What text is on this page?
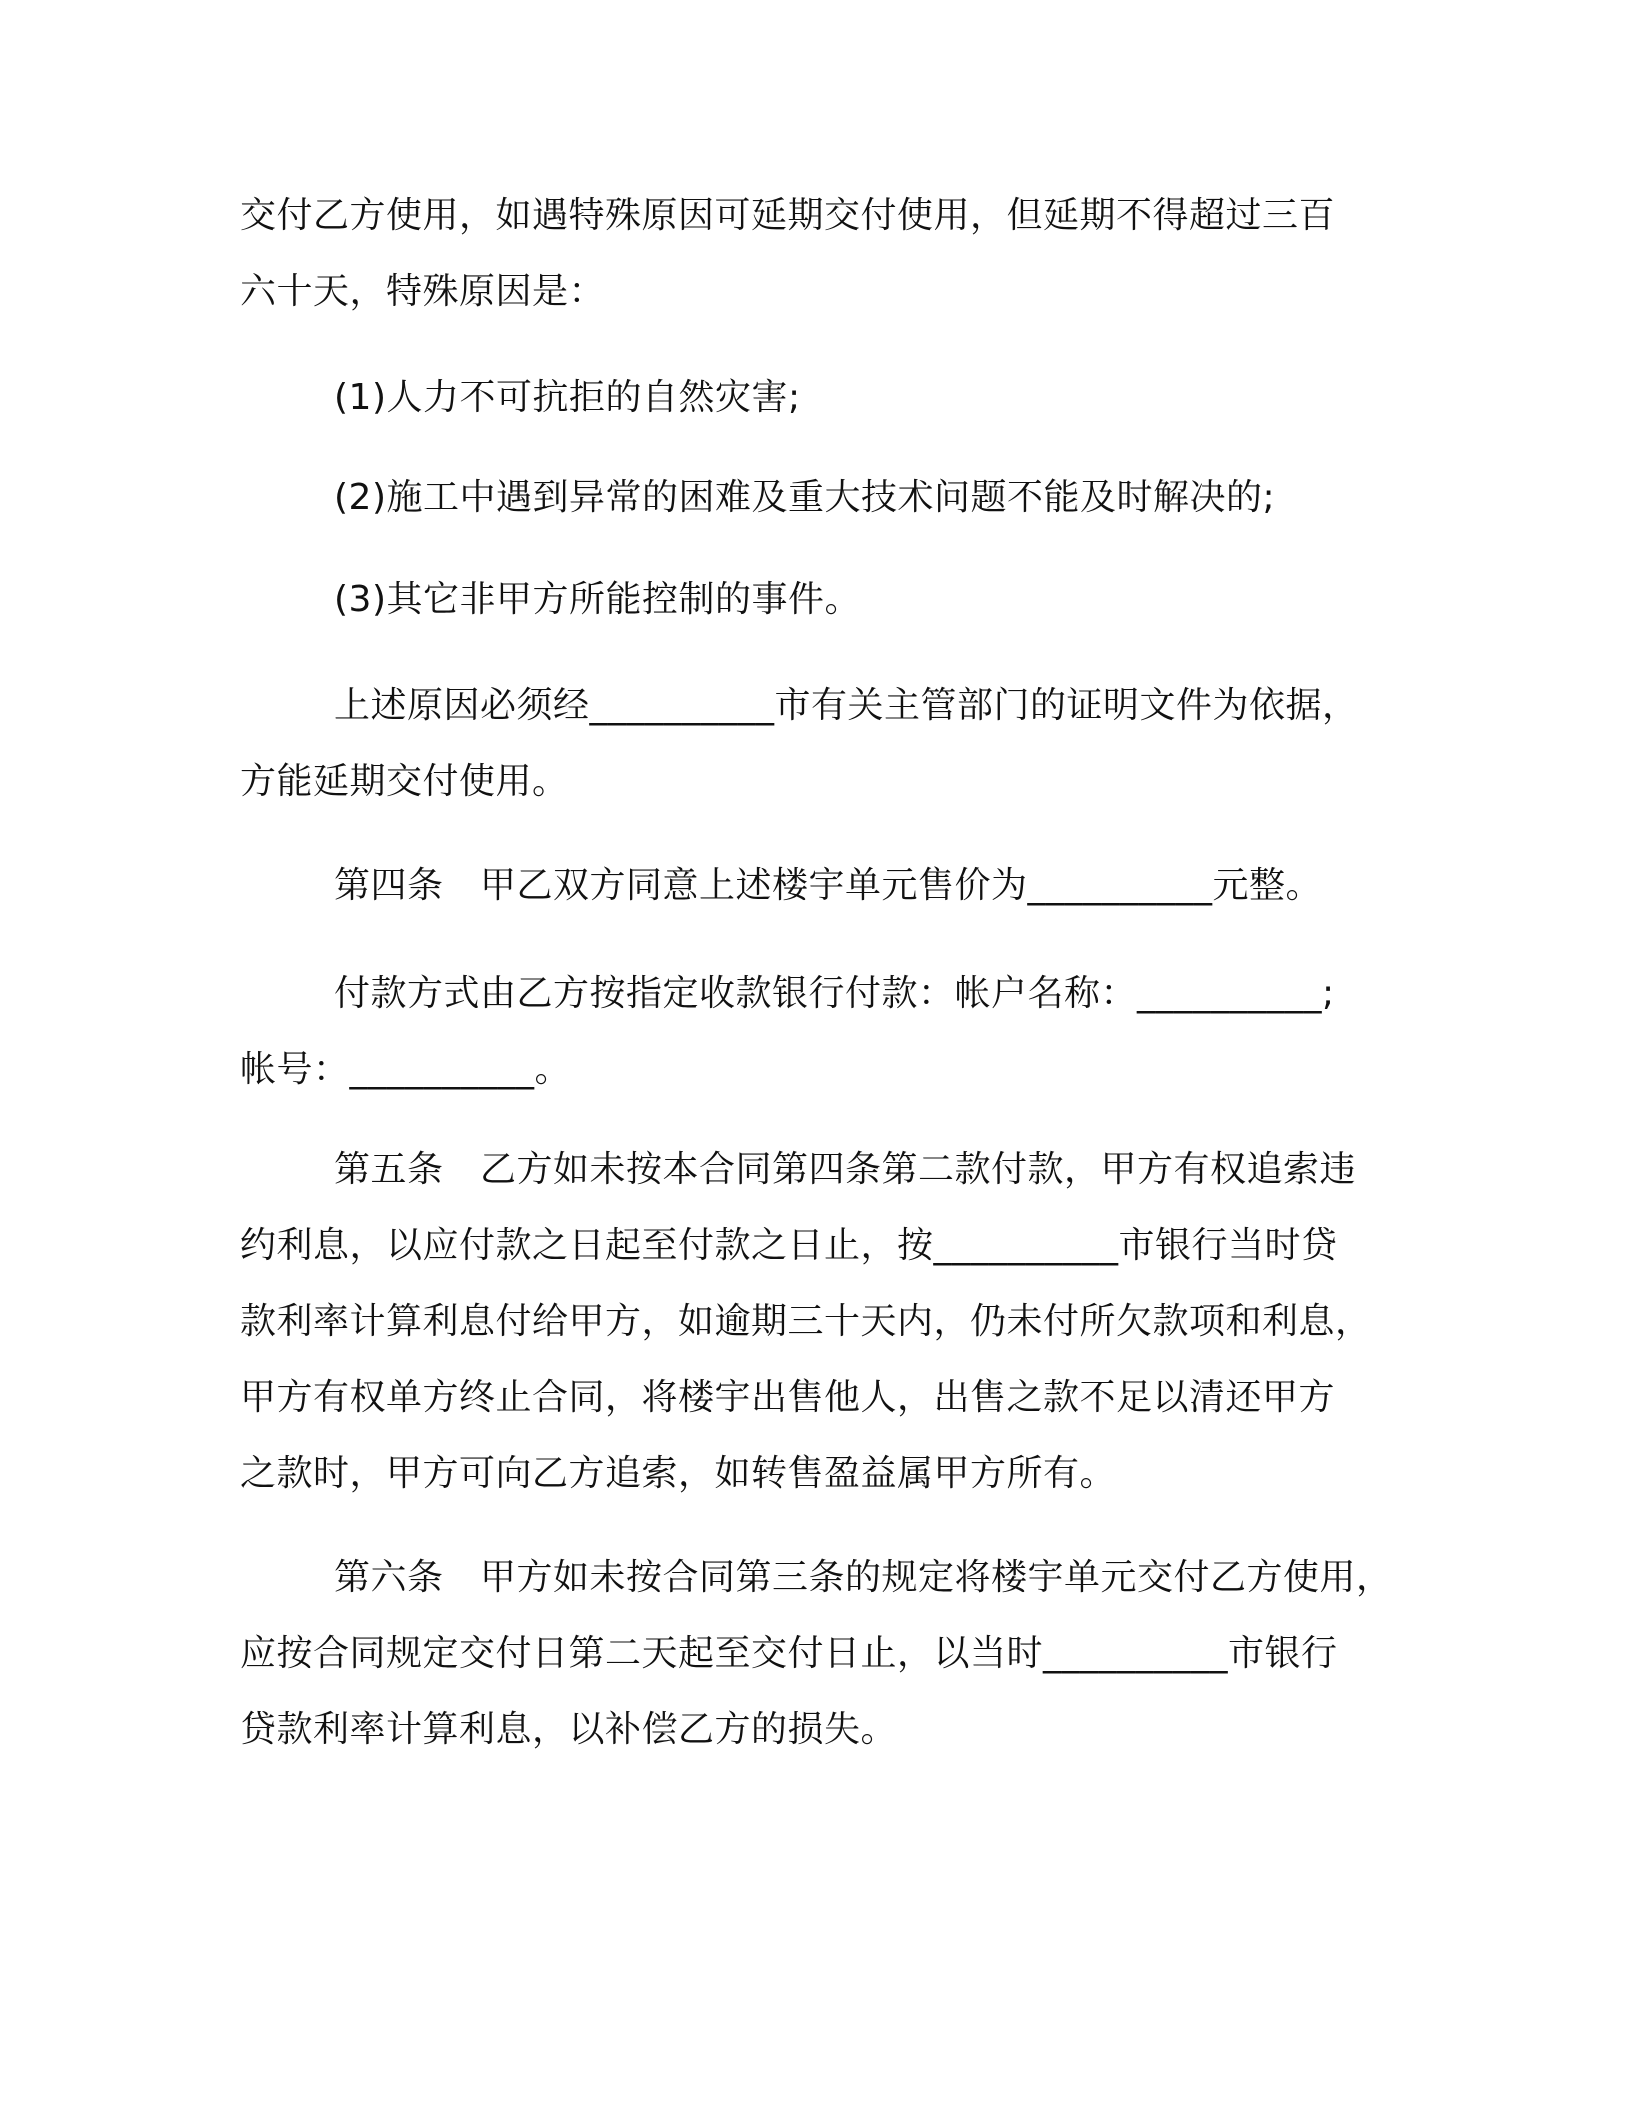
交付乙方使用，如遇特殊原因可延期交付使用，但延期不得超过三百
六十天，特殊原因是：
(1)人力不可抗拒的自然灾害;
(2)施工中遇到异常的困难及重大技术问题不能及时解决的;
(3)其它非甲方所能控制的事件。
上述原因必须经__________市有关主管部门的证明文件为依据，
方能延期交付使用。
第四条　甲乙双方同意上述楼宇单元售价为__________元整。
付款方式由乙方按指定收款银行付款：帐户名称：__________;
帐号：__________。
第五条　乙方如未按本合同第四条第二款付款，甲方有权追索违
约利息，以应付款之日起至付款之日止，按__________市银行当时贷
款利率计算利息付给甲方，如逾期三十天内，仍未付所欠款项和利息，
甲方有权单方终止合同，将楼宇出售他人，出售之款不足以清还甲方
之款时，甲方可向乙方追索，如转售盈益属甲方所有。
第六条　甲方如未按合同第三条的规定将楼宇单元交付乙方使用，
应按合同规定交付日第二天起至交付日止，以当时__________市银行
贷款利率计算利息，以补偿乙方的损失。
